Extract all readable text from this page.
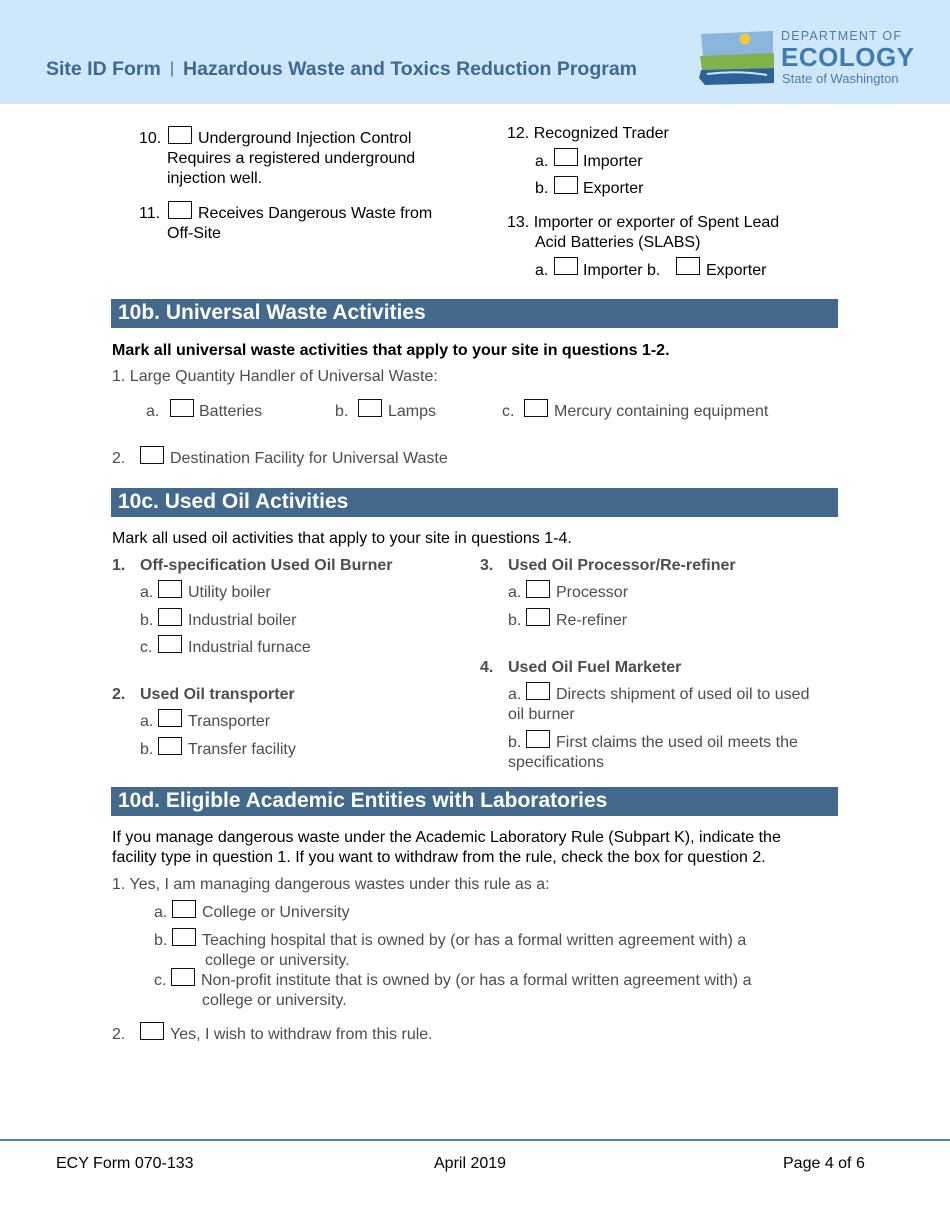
Site ID Form | Hazardous Waste and Toxics Reduction Program
DEPARTMENT OF
ECOLOGY
State of Washington
10. Underground Injection Control
Requires a registered underground
injection well.
11. Receives Dangerous Waste from
Off-Site
12. Recognized Trader
a. Importer
b. Exporter
13. Importer or exporter of Spent Lead
Acid Batteries (SLABS)
a. Importer b.	Exporter
10b. Universal Waste Activities
Mark all universal waste activities that apply to your site in questions 1-2.
1. Large Quantity Handler of Universal Waste:
a. Batteries	b. Lamps	c. Mercury containing equipment
2.	Destination Facility for Universal Waste
10c. Used Oil Activities
Mark all used oil activities that apply to your site in questions 1-4.
1. Off-specification Used Oil Burner
a. Utility boiler
b. Industrial boiler
c. Industrial furnace
2. Used Oil transporter
a. Transporter
b. Transfer facility
3. Used Oil Processor/Re-refiner
a. Processor
b. Re-refiner
4. Used Oil Fuel Marketer
a. Directs shipment of used oil to used
oil burner
b. First claims the used oil meets the
specifications
10d. Eligible Academic Entities with Laboratories
If you manage dangerous waste under the Academic Laboratory Rule (Subpart K), indicate the
facility type in question 1. If you want to withdraw from the rule, check the box for question 2.
1. Yes, I am managing dangerous wastes under this rule as a:
a. College or University
b. Teaching hospital that is owned by (or has a formal written agreement with) a
college or university.
c. Non-profit institute that is owned by (or has a formal written agreement with) a
college or university.
2.	Yes, I wish to withdraw from this rule.
ECY Form 070-133	April 2019	Page 4 of 6
